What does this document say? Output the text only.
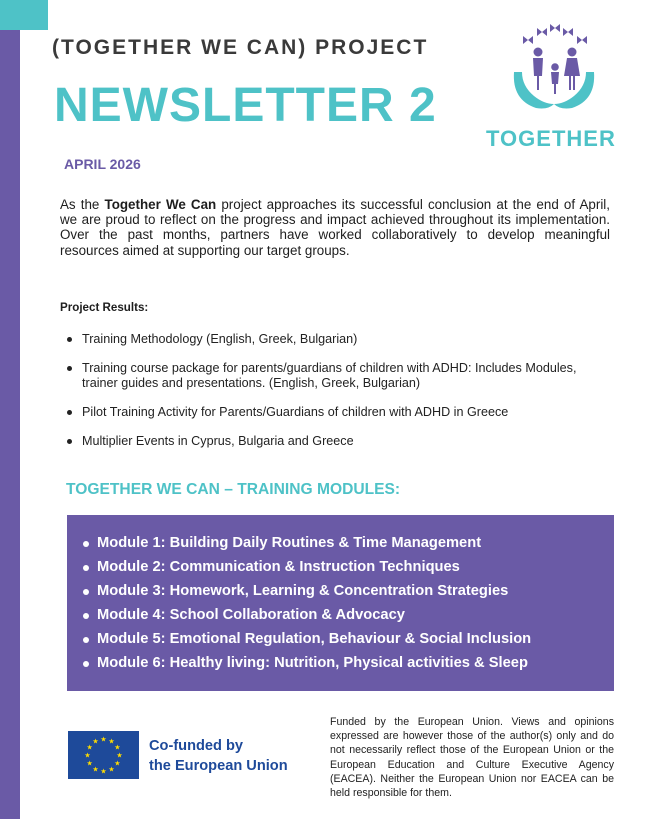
(TOGETHER WE CAN) PROJECT
NEWSLETTER 2
TOGETHER
APRIL 2026

As the Together We Can project approaches its successful conclusion at the end of April, we are proud to reflect on the progress and impact achieved throughout its implementation. Over the past months, partners have worked collaboratively to develop meaningful resources aimed at supporting our target groups.

Project Results:
Training Methodology (English, Greek, Bulgarian)
Training course package for parents/guardians of children with ADHD: Includes Modules, trainer guides and presentations. (English, Greek, Bulgarian)
Pilot Training Activity for Parents/Guardians of children with ADHD in Greece
Multiplier Events in Cyprus, Bulgaria and Greece
TOGETHER WE CAN – TRAINING MODULES:
Module 1: Building Daily Routines & Time Management
Module 2: Communication & Instruction Techniques
Module 3: Homework, Learning & Concentration Strategies
Module 4: School Collaboration & Advocacy
Module 5: Emotional Regulation, Behaviour & Social Inclusion
Module 6: Healthy living: Nutrition, Physical activities & Sleep
★ ★
★
★
★
★
★
★
★
★
★
★	Co-funded by
the European Union

Funded by the European Union. Views and opinions expressed are however those of the author(s) only and do not necessarily reflect those of the European Union or the European Education and Culture Executive Agency (EACEA). Neither the European Union nor EACEA can be held responsible for them.
